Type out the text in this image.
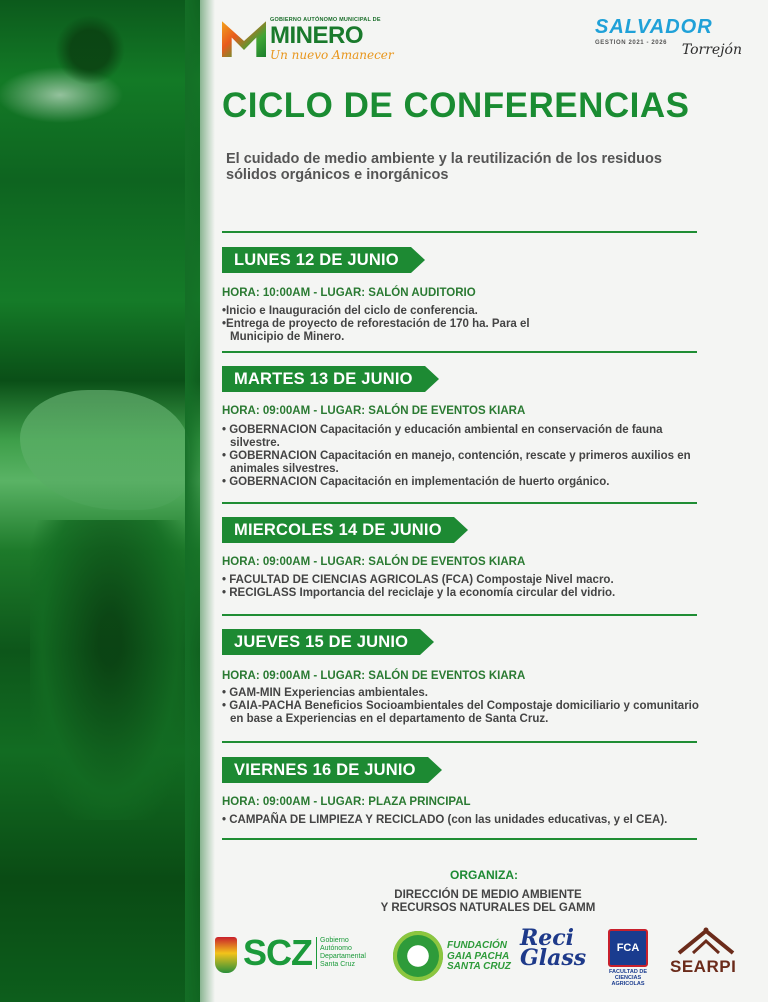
GOBIERNO AUTÓNOMO MUNICIPAL DE
MINERO
Un nuevo Amanecer
SALVADOR
GESTION 2021 - 2026	Torrejón
CICLO DE CONFERENCIAS
El cuidado de medio ambiente y la reutilización de los residuos sólidos orgánicos e inorgánicos
LUNES 12 DE JUNIO
HORA: 10:00AM - LUGAR: SALÓN AUDITORIO
•Inicio e Inauguración del ciclo de conferencia.
•Entrega de proyecto de reforestación de 170 ha. Para el Municipio de Minero.
MARTES 13 DE JUNIO
HORA: 09:00AM - LUGAR: SALÓN DE EVENTOS KIARA
• GOBERNACION Capacitación y educación ambiental en conservación de fauna silvestre.
• GOBERNACION Capacitación en manejo, contención, rescate y primeros auxilios en animales silvestres.
• GOBERNACION Capacitación en implementación de huerto orgánico.
MIERCOLES 14 DE JUNIO
HORA: 09:00AM - LUGAR: SALÓN DE EVENTOS KIARA
• FACULTAD DE CIENCIAS AGRICOLAS (FCA) Compostaje Nivel macro.
• RECIGLASS Importancia del reciclaje y la economía circular del vidrio.
JUEVES 15 DE JUNIO
HORA: 09:00AM - LUGAR: SALÓN DE EVENTOS KIARA
• GAM-MIN Experiencias ambientales.
• GAIA-PACHA Beneficios Socioambientales del Compostaje domiciliario y comunitario en base a Experiencias en el departamento de Santa Cruz.
VIERNES 16 DE JUNIO
HORA: 09:00AM - LUGAR: PLAZA PRINCIPAL
• CAMPAÑA DE LIMPIEZA Y RECICLADO (con las unidades educativas, y el CEA).
ORGANIZA:
DIRECCIÓN DE MEDIO AMBIENTE
Y RECURSOS NATURALES DEL GAMM
SCZ Gobierno
Autónomo
Departamental
Santa Cruz
FUNDACIÓN
GAIA PACHA
SANTA CRUZ
Reci
Glass	FCA
FACULTAD DE
CIENCIAS AGRICOLAS
SEARPI
